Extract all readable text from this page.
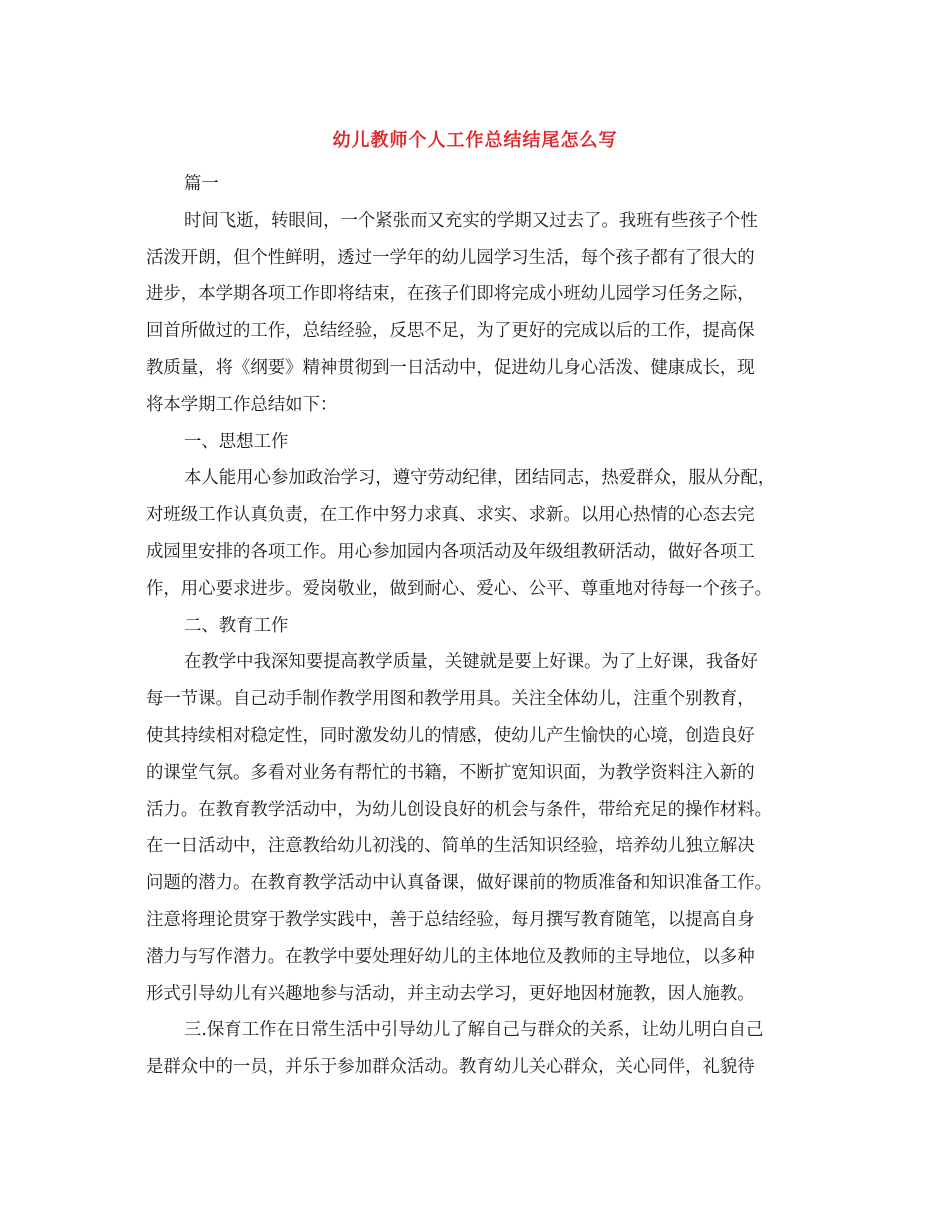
幼儿教师个人工作总结结尾怎么写
篇一
时间飞逝，转眼间，一个紧张而又充实的学期又过去了。我班有些孩子个性
活泼开朗，但个性鲜明，透过一学年的幼儿园学习生活，每个孩子都有了很大的
进步，本学期各项工作即将结束，在孩子们即将完成小班幼儿园学习任务之际，
回首所做过的工作，总结经验，反思不足，为了更好的完成以后的工作，提高保
教质量，将《纲要》精神贯彻到一日活动中，促进幼儿身心活泼、健康成长，现
将本学期工作总结如下：
一、思想工作
本人能用心参加政治学习，遵守劳动纪律，团结同志，热爱群众，服从分配，
对班级工作认真负责，在工作中努力求真、求实、求新。以用心热情的心态去完
成园里安排的各项工作。用心参加园内各项活动及年级组教研活动，做好各项工
作，用心要求进步。爱岗敬业，做到耐心、爱心、公平、尊重地对待每一个孩子。
二、教育工作
在教学中我深知要提高教学质量，关键就是要上好课。为了上好课，我备好
每一节课。自己动手制作教学用图和教学用具。关注全体幼儿，注重个别教育，
使其持续相对稳定性，同时激发幼儿的情感，使幼儿产生愉快的心境，创造良好
的课堂气氛。多看对业务有帮忙的书籍，不断扩宽知识面，为教学资料注入新的
活力。在教育教学活动中，为幼儿创设良好的机会与条件，带给充足的操作材料。
在一日活动中，注意教给幼儿初浅的、简单的生活知识经验，培养幼儿独立解决
问题的潜力。在教育教学活动中认真备课，做好课前的物质准备和知识准备工作。
注意将理论贯穿于教学实践中，善于总结经验，每月撰写教育随笔，以提高自身
潜力与写作潜力。在教学中要处理好幼儿的主体地位及教师的主导地位，以多种
形式引导幼儿有兴趣地参与活动，并主动去学习，更好地因材施教，因人施教。
三.保育工作在日常生活中引导幼儿了解自己与群众的关系，让幼儿明白自己
是群众中的一员，并乐于参加群众活动。教育幼儿关心群众，关心同伴，礼貌待
